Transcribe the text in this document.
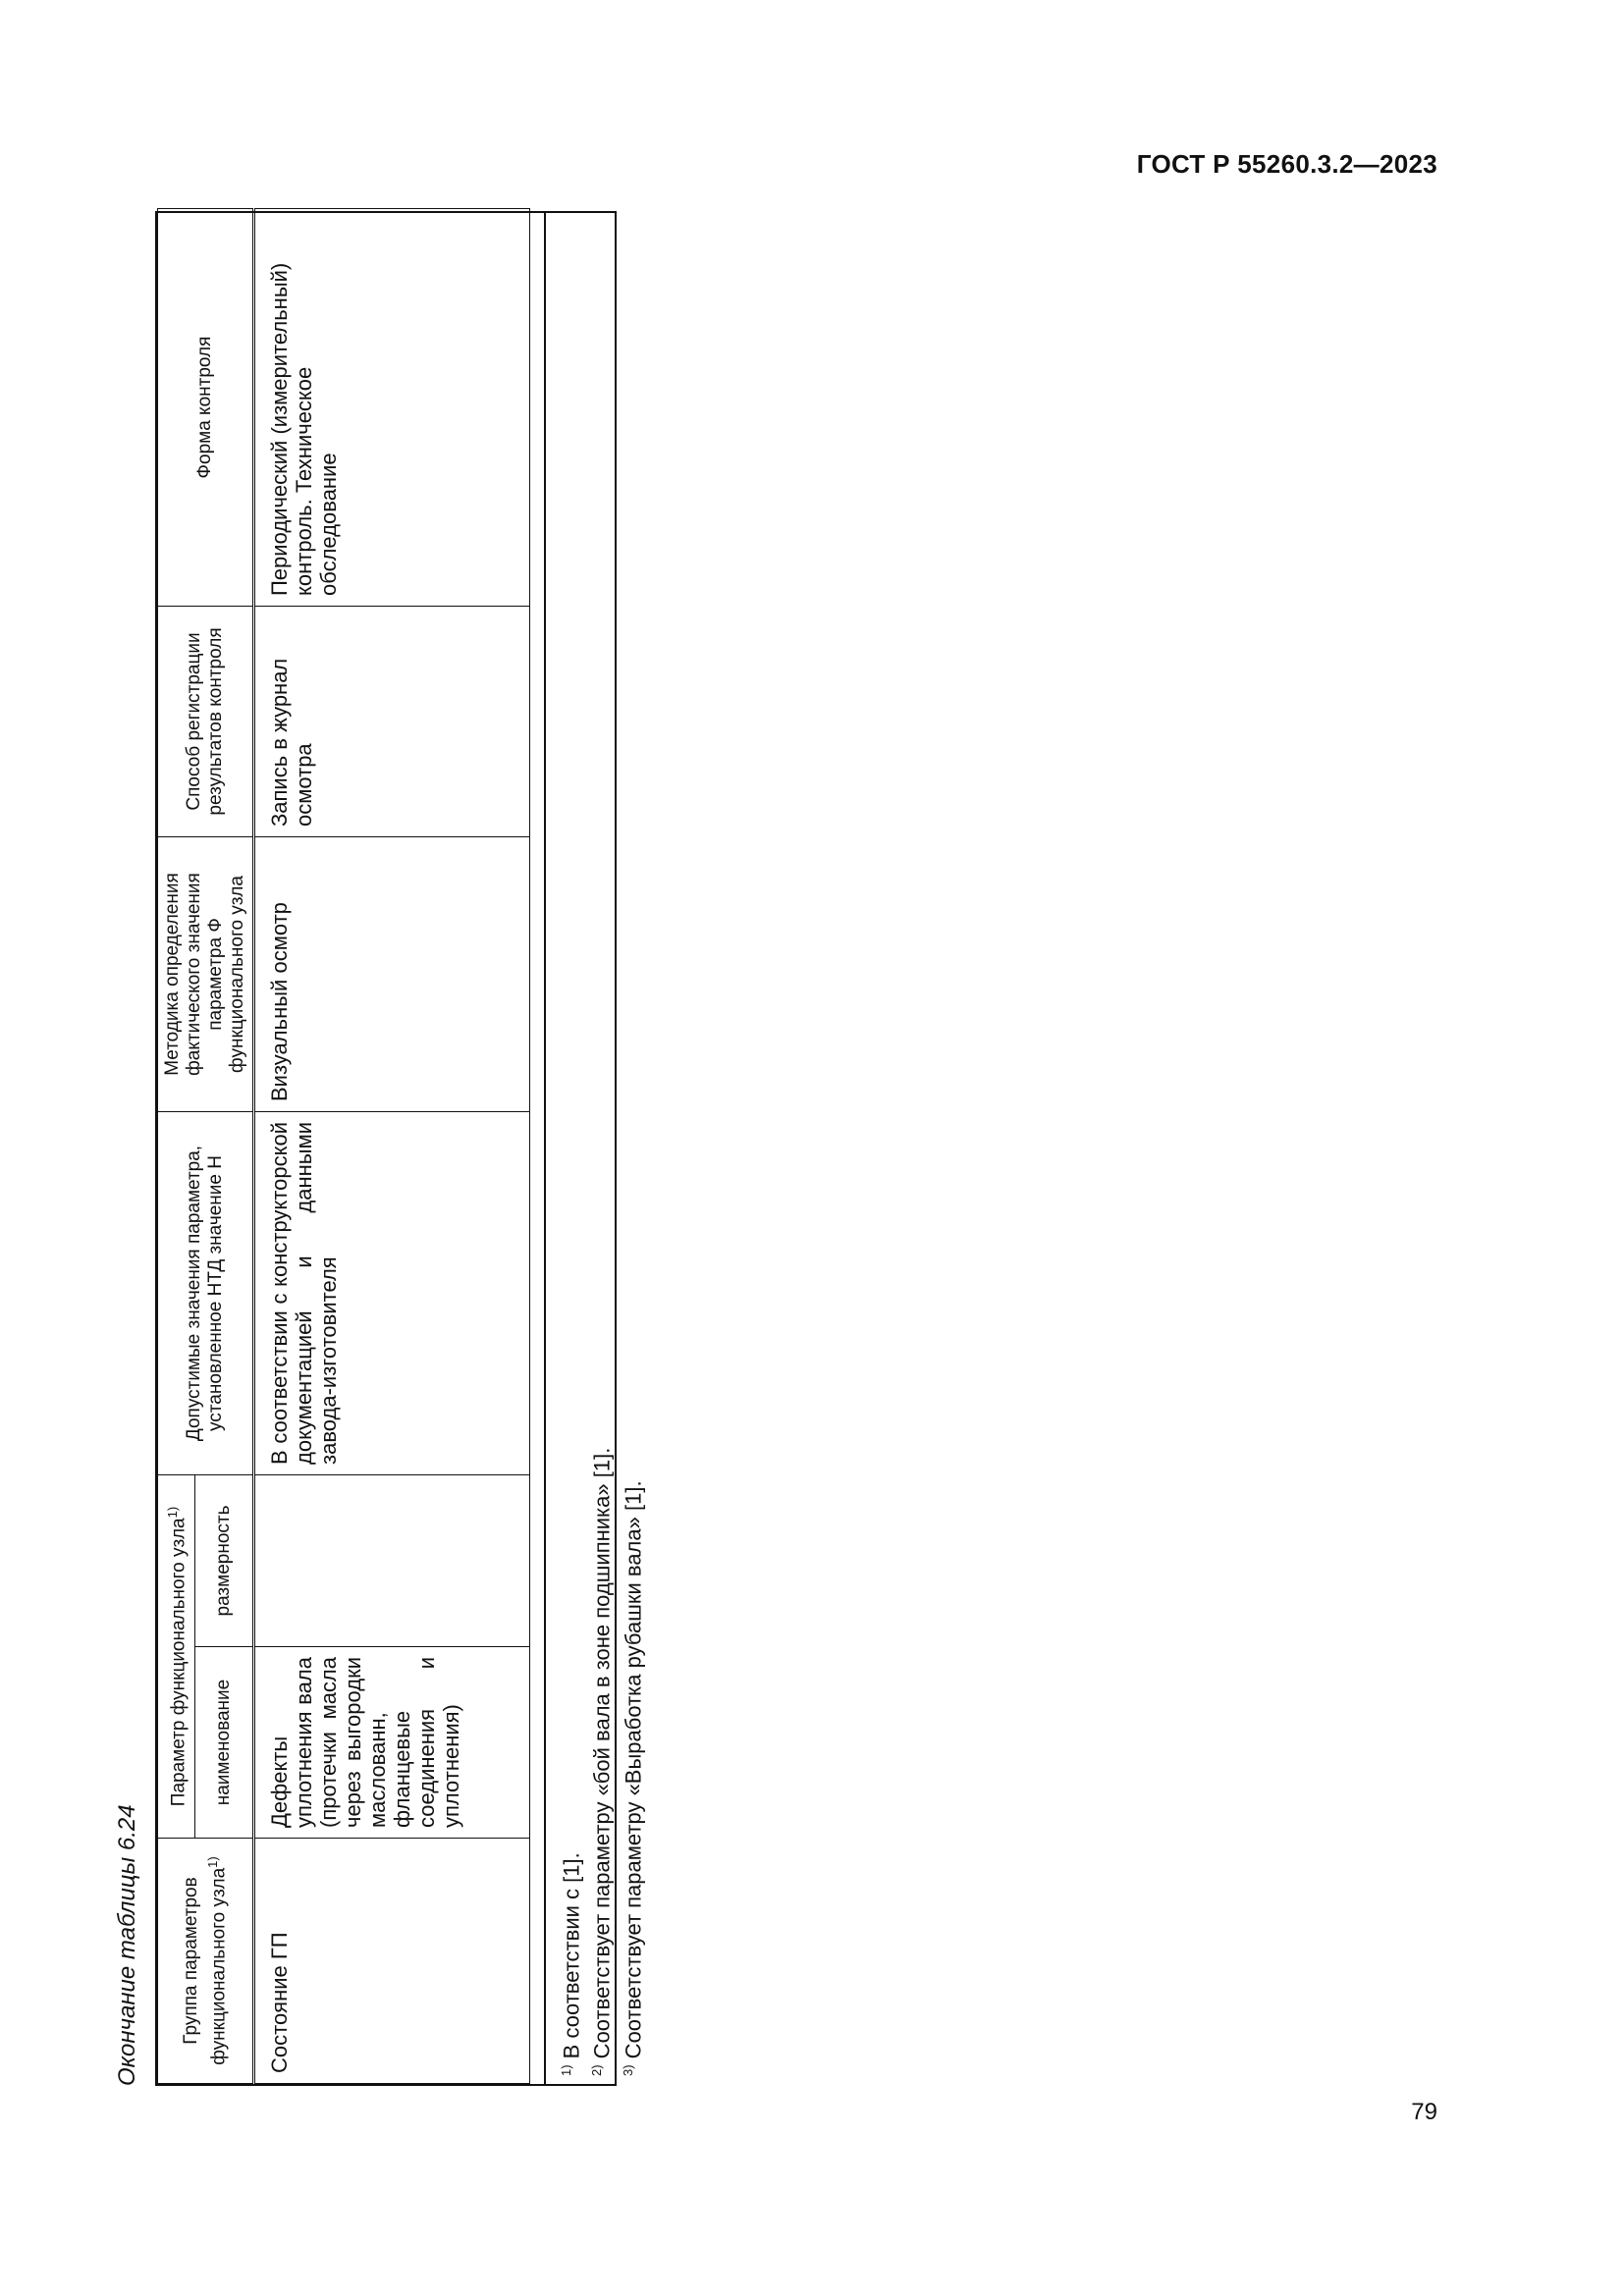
ГОСТ Р 55260.3.2—2023
Окончание таблицы 6.24	Группа параметров функционального узла$^{1)}$	Параметр функционального узла$^{1)}$		Допустимые значения параметра, установленное НТД значение Н	Методика определения фактического значения параметра Ф функционального узла	Способ регистрации результатов контроля	Форма контроля
	наименование	размерность				
Состояние ГП	Дефекты уплотнения вала (протечки масла через выгородки маслованн, фланцевые соединения и уплотнения)		В соответствии с конструкторской документацией и данными завода-изготовителя	Визуальный осмотр	Запись в журнал осмотра	Периодический (измерительный) контроль. Техническое обследование
$^{1)}$ В соответствии с [1].
$^{2)}$ Соответствует параметру «бой вала в зоне подшипника» [1].
$^{3)}$ Соответствует параметру «Выработка рубашки вала» [1].
79
